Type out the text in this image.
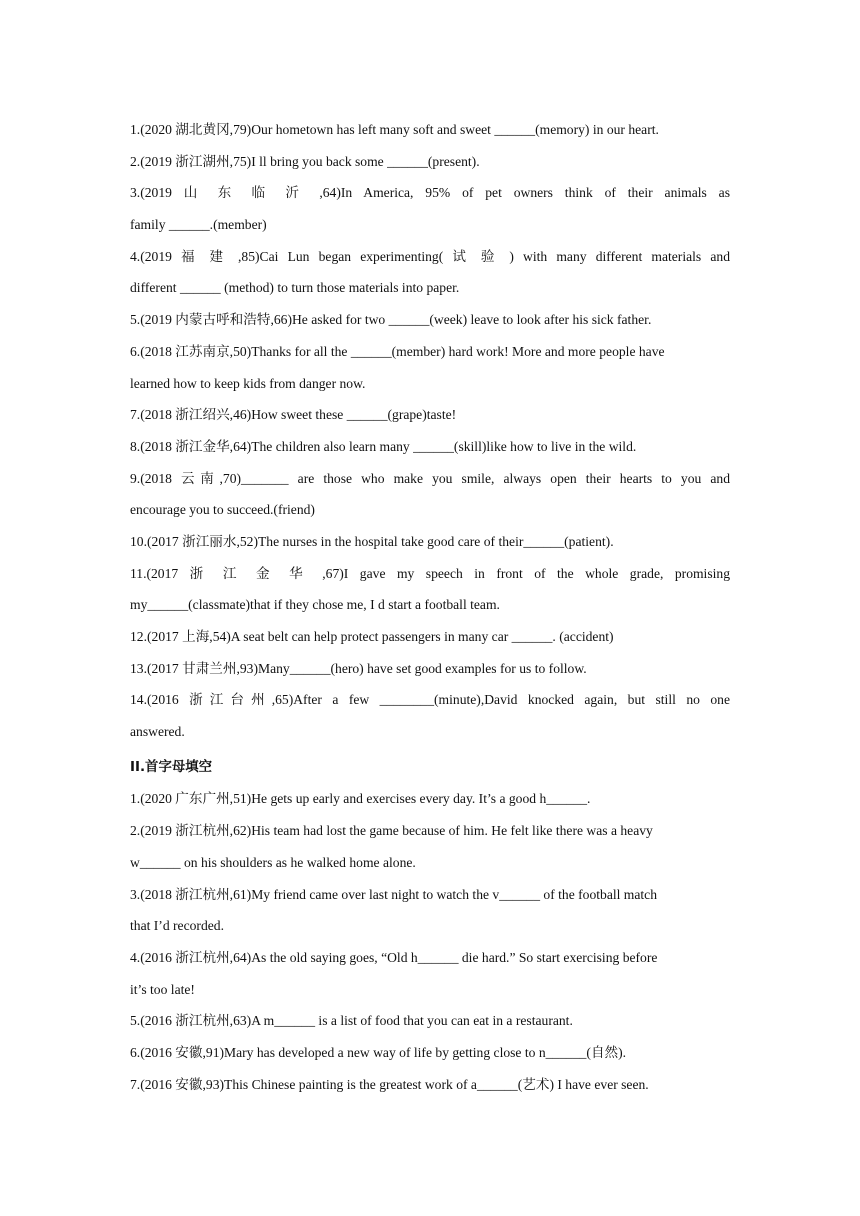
1.(2020 湖北黄冈,79)Our hometown has left many soft and sweet ______(memory) in our heart.
2.(2019 浙江湖州,75)I ll bring you back some ______(present).
3.(2019 山 东 临 沂 ,64)In America, 95% of pet owners think of their animals as
family ______.(member)
4.(2019 福 建 ,85)Cai Lun began experimenting( 试 验 ) with many different materials and
different ______ (method) to turn those materials into paper.
5.(2019 内蒙古呼和浩特,66)He asked for two ______(week) leave to look after his sick father.
6.(2018 江苏南京,50)Thanks for all the ______(member) hard work! More and more people have
learned how to keep kids from danger now.
7.(2018 浙江绍兴,46)How sweet these ______(grape)taste!
8.(2018 浙江金华,64)The children also learn many ______(skill)like how to live in the wild.
9.(2018 云南,70)_______ are those who make you smile, always open their hearts to you and
encourage you to succeed.(friend)
10.(2017 浙江丽水,52)The nurses in the hospital take good care of their______(patient).
11.(2017 浙 江 金 华 ,67)I gave my speech in front of the whole grade, promising
my______(classmate)that if they chose me, I d start a football team.
12.(2017 上海,54)A seat belt can help protect passengers in many car ______. (accident)
13.(2017 甘肃兰州,93)Many______(hero) have set good examples for us to follow.
14.(2016 浙江台州,65)After a few ________(minute),David knocked again, but still no one
answered.
II.首字母填空
1.(2020 广东广州,51)He gets up early and exercises every day. It’s a good h______.
2.(2019 浙江杭州,62)His team had lost the game because of him. He felt like there was a heavy
w______ on his shoulders as he walked home alone.
3.(2018 浙江杭州,61)My friend came over last night to watch the v______ of the football match
that I’d recorded.
4.(2016 浙江杭州,64)As the old saying goes, “Old h______ die hard.” So start exercising before
it’s too late!
5.(2016 浙江杭州,63)A m______ is a list of food that you can eat in a restaurant.
6.(2016 安徽,91)Mary has developed a new way of life by getting close to n______(自然).
7.(2016 安徽,93)This Chinese painting is the greatest work of a______(艺术) I have ever seen.
